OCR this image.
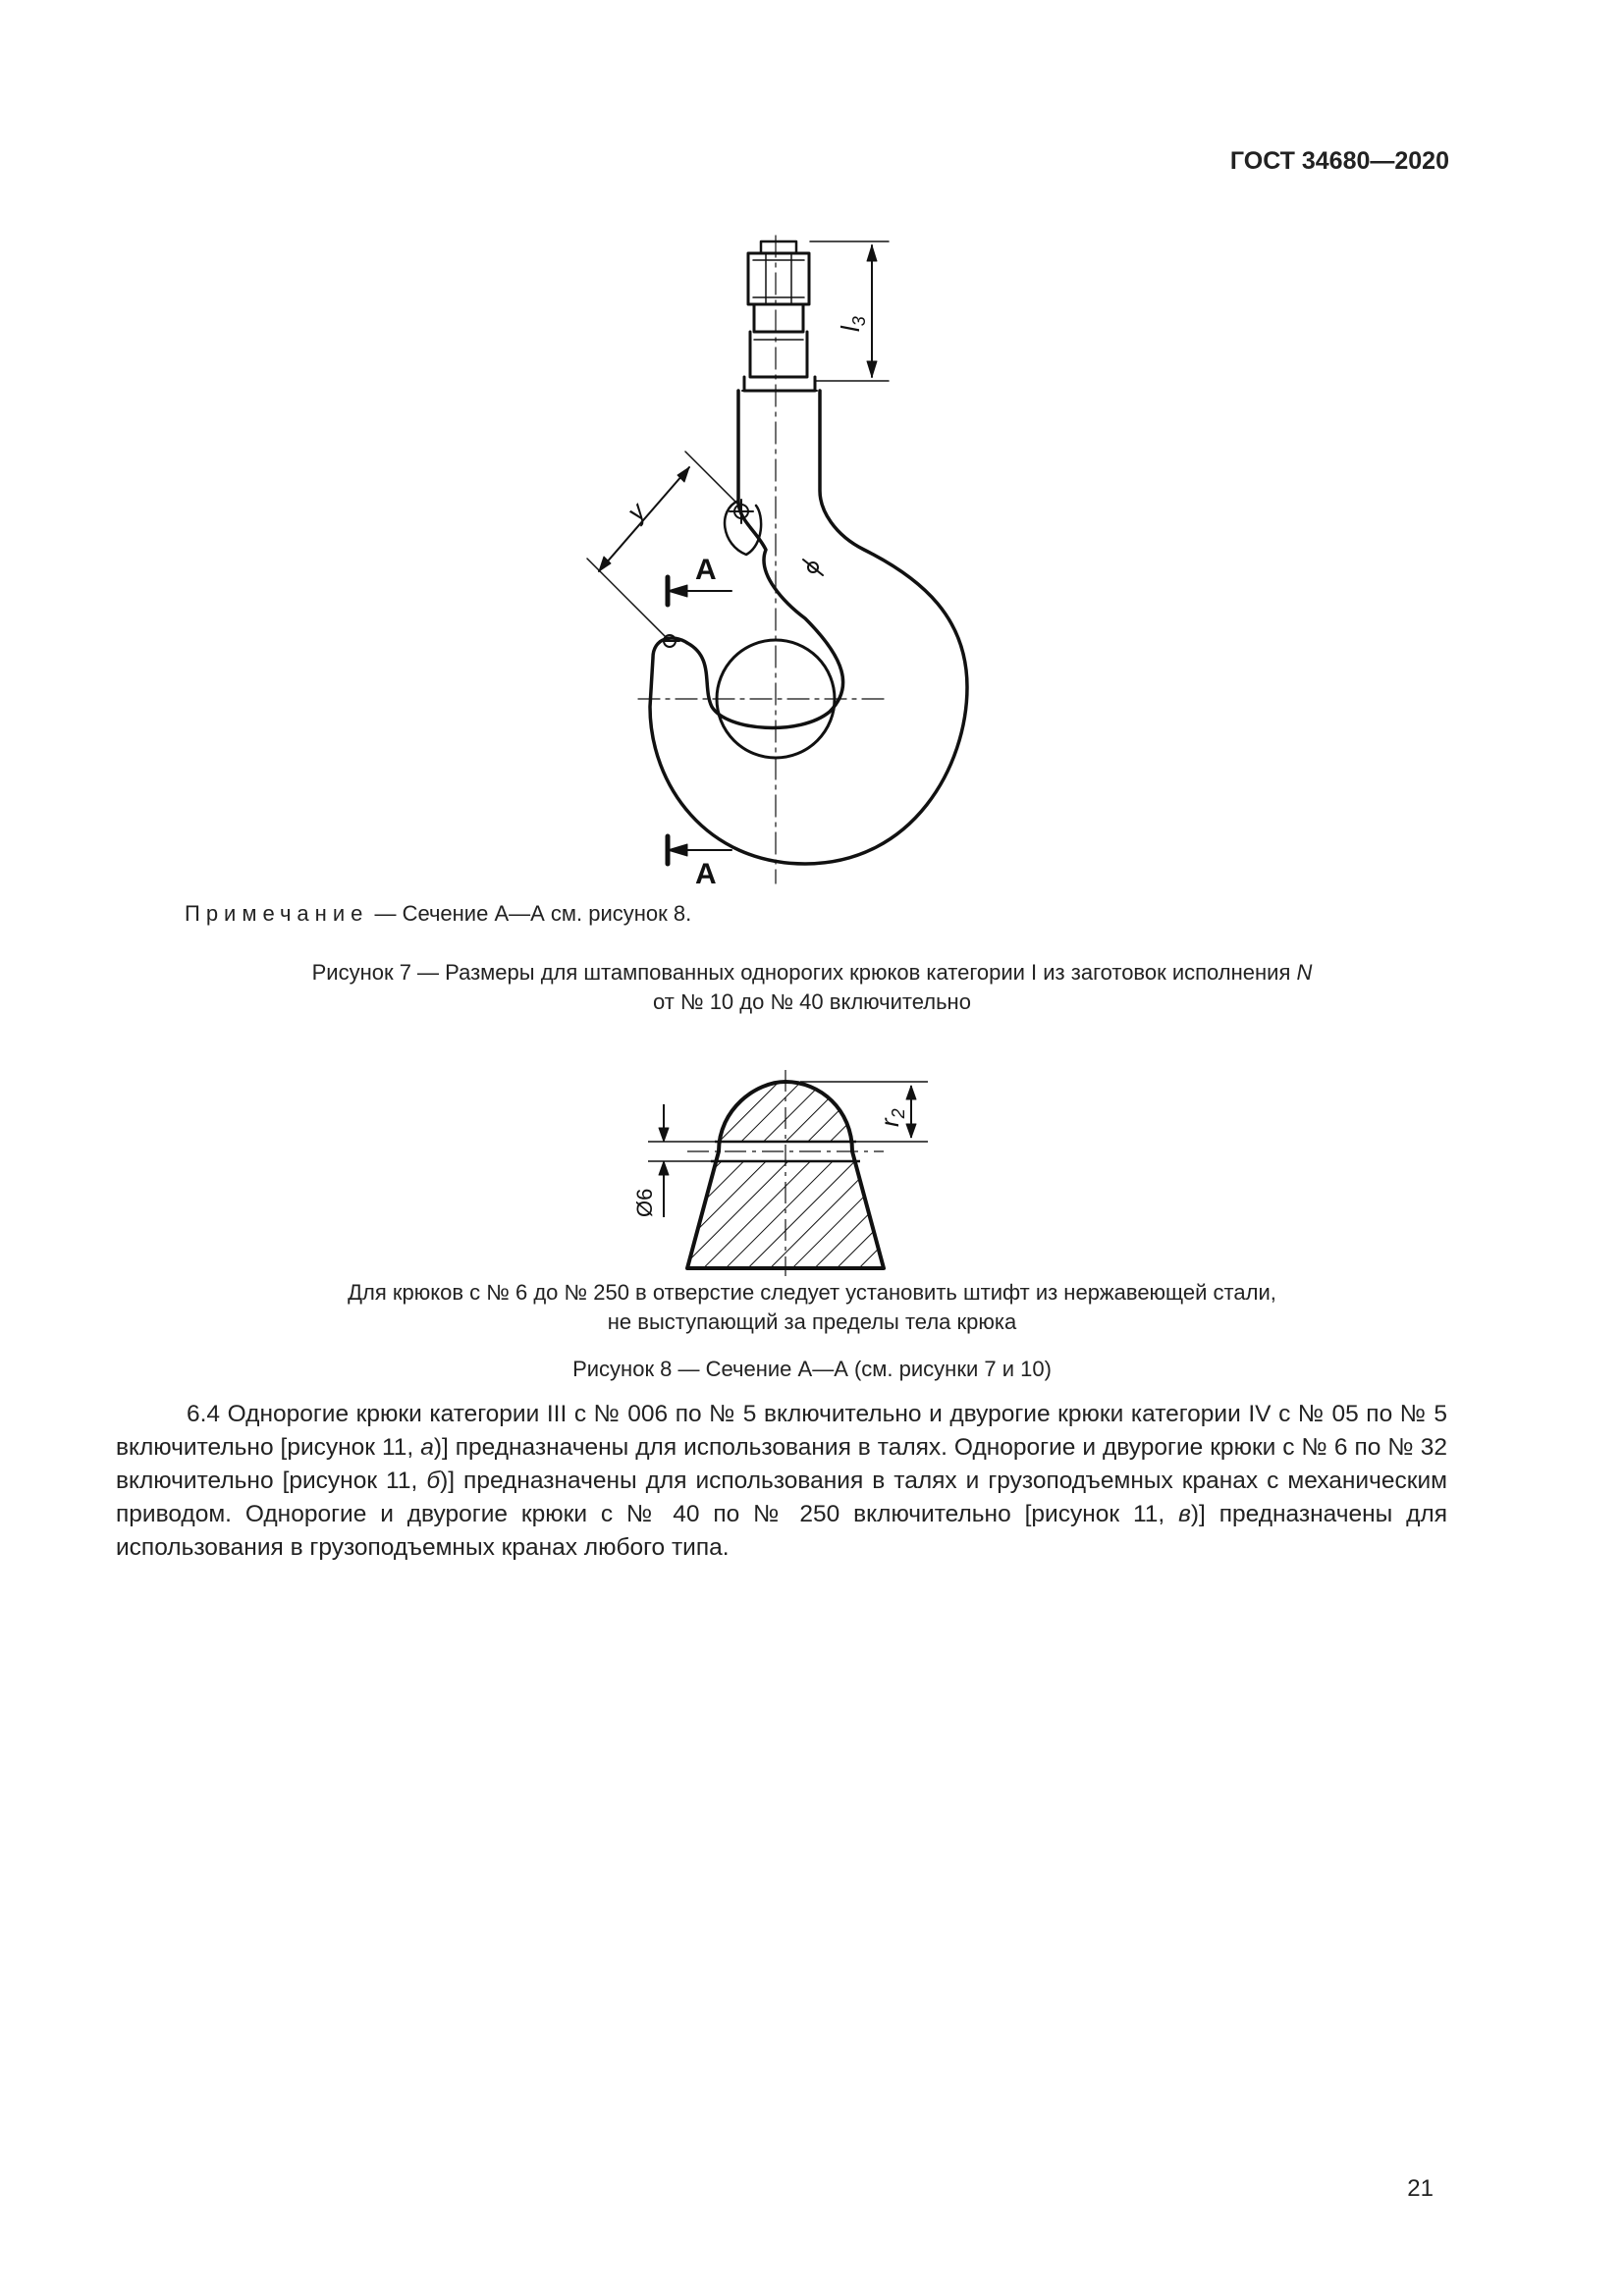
ГОСТ 34680—2020
$l_3$
y
А
А
Примечание — Сечение А—А см. рисунок 8.
Рисунок 7 — Размеры для штампованных однорогих крюков категории I из заготовок исполнения N
от № 10 до № 40 включительно
$r_2$
Ø6
Для крюков с № 6 до № 250 в отверстие следует установить штифт из нержавеющей стали,
не выступающий за пределы тела крюка
Рисунок 8 — Сечение А—А (см. рисунки 7 и 10)

6.4 Однорогие крюки категории III с № 006 по № 5 включительно и двурогие крюки категории IV с № 05 по № 5 включительно [рисунок 11, а)] предназначены для использования в талях. Однорогие и двурогие крюки с № 6 по № 32 включительно [рисунок 11, б)] предназначены для использования в талях и грузоподъемных кранах с механическим приводом. Однорогие и двурогие крюки с № 40 по № 250 включительно [рисунок 11, в)] предназначены для использования в грузоподъемных кранах любого типа.

21
